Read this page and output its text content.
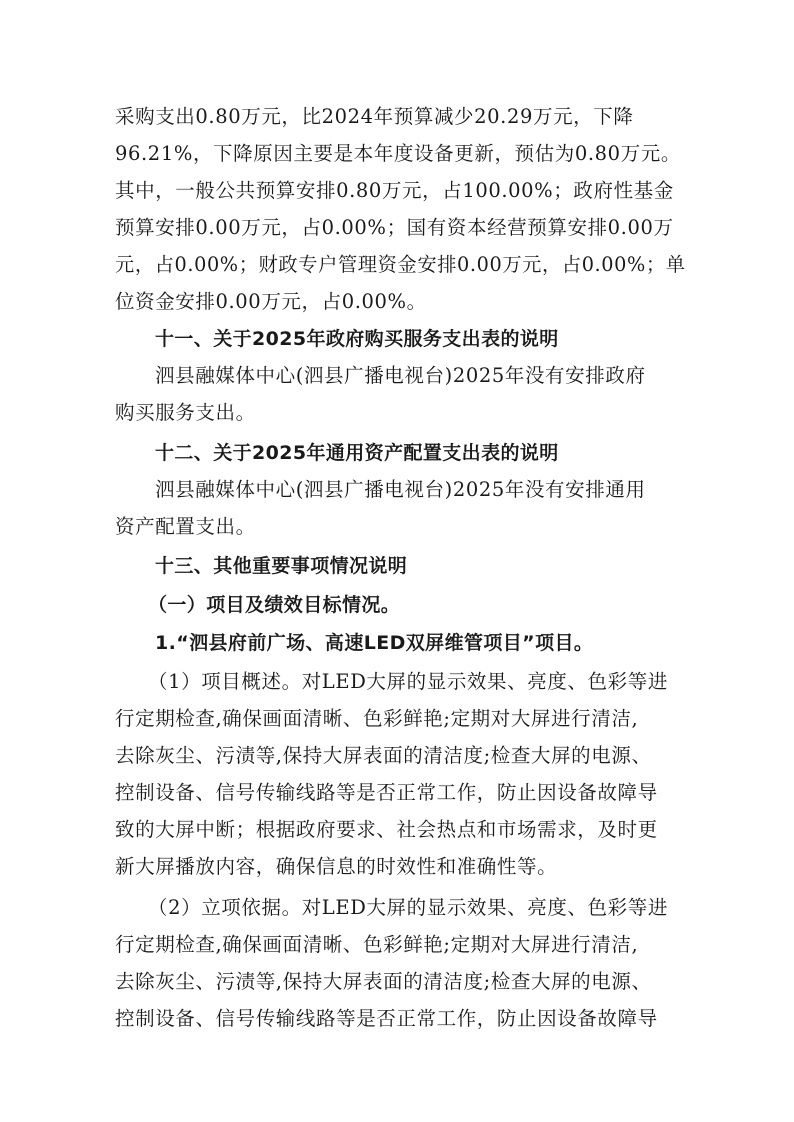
采购支出0.80万元，比2024年预算减少20.29万元，下降
96.21%，下降原因主要是本年度设备更新，预估为0.80万元。
其中，一般公共预算安排0.80万元，占100.00%；政府性基金
预算安排0.00万元，占0.00%；国有资本经营预算安排0.00万
元，占0.00%；财政专户管理资金安排0.00万元，占0.00%；单
位资金安排0.00万元，占0.00%。
十一、关于2025年政府购买服务支出表的说明
泗县融媒体中心(泗县广播电视台)2025年没有安排政府
购买服务支出。
十二、关于2025年通用资产配置支出表的说明
泗县融媒体中心(泗县广播电视台)2025年没有安排通用
资产配置支出。
十三、其他重要事项情况说明
（一）项目及绩效目标情况。
1.“泗县府前广场、高速LED双屏维管项目”项目。
（1）项目概述。对LED大屏的显示效果、亮度、色彩等进
行定期检查,确保画面清晰、色彩鲜艳;定期对大屏进行清洁,
去除灰尘、污渍等,保持大屏表面的清洁度;检查大屏的电源、
控制设备、信号传输线路等是否正常工作，防止因设备故障导
致的大屏中断；根据政府要求、社会热点和市场需求，及时更
新大屏播放内容，确保信息的时效性和准确性等。
（2）立项依据。对LED大屏的显示效果、亮度、色彩等进
行定期检查,确保画面清晰、色彩鲜艳;定期对大屏进行清洁,
去除灰尘、污渍等,保持大屏表面的清洁度;检查大屏的电源、
控制设备、信号传输线路等是否正常工作，防止因设备故障导
